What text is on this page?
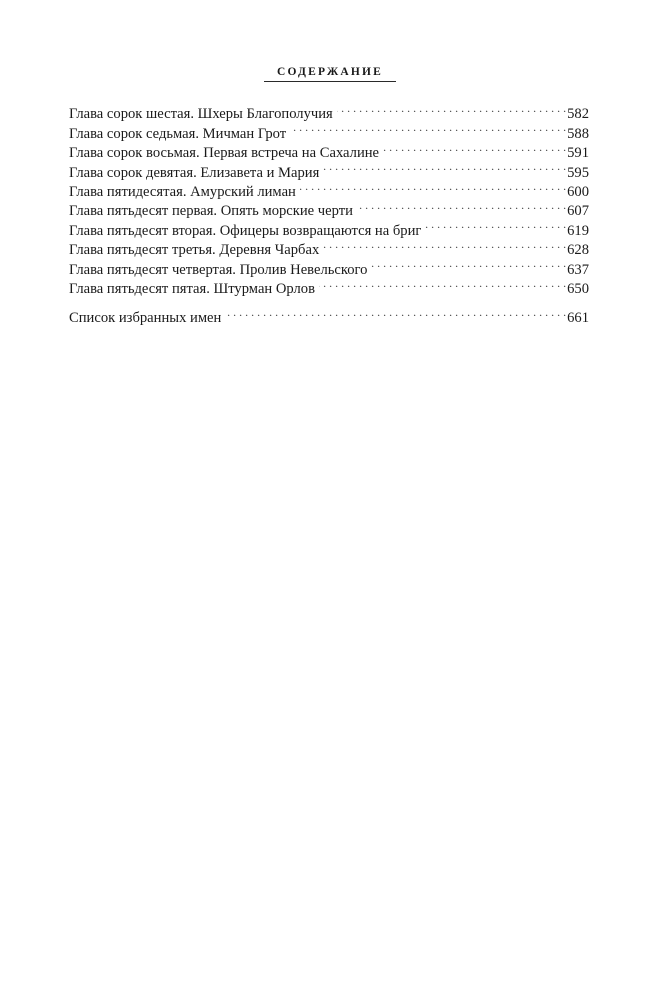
СОДЕРЖАНИЕ
Глава сорок шестая. Шхеры Благополучия . . .	582
Глава сорок седьмая. Мичман Грот . . .	588
Глава сорок восьмая. Первая встреча на Сахалине . . .	591
Глава сорок девятая. Елизавета и Мария . . .	595
Глава пятидесятая. Амурский лиман . . .	600
Глава пятьдесят первая. Опять морские черти . . .	607
Глава пятьдесят вторая. Офицеры возвращаются на бриг . . .	619
Глава пятьдесят третья. Деревня Чарбах . . .	628
Глава пятьдесят четвертая. Пролив Невельского . . .	637
Глава пятьдесят пятая. Штурман Орлов . . .	650
Список избранных имен . . .	661
